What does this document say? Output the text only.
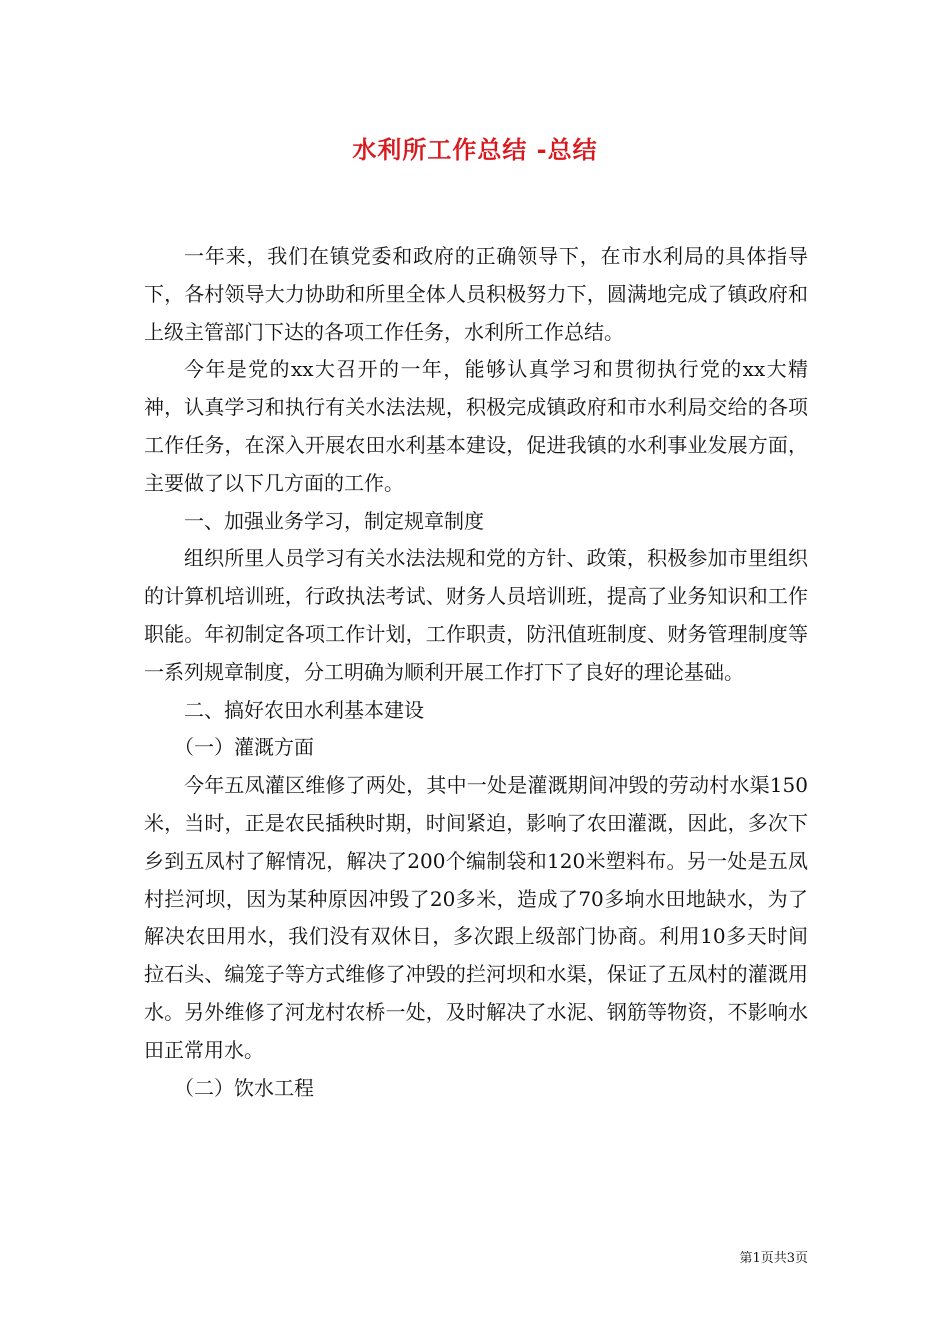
水利所工作总结 -总结

一年来，我们在镇党委和政府的正确领导下，在市水利局的具体指导下，各村领导大力协助和所里全体人员积极努力下，圆满地完成了镇政府和上级主管部门下达的各项工作任务，水利所工作总结。

今年是党的xx大召开的一年，能够认真学习和贯彻执行党的xx大精神，认真学习和执行有关水法法规，积极完成镇政府和市水利局交给的各项工作任务，在深入开展农田水利基本建设，促进我镇的水利事业发展方面，主要做了以下几方面的工作。

一、加强业务学习，制定规章制度

组织所里人员学习有关水法法规和党的方针、政策，积极参加市里组织的计算机培训班，行政执法考试、财务人员培训班，提高了业务知识和工作职能。年初制定各项工作计划，工作职责，防汛值班制度、财务管理制度等一系列规章制度，分工明确为顺利开展工作打下了良好的理论基础。

二、搞好农田水利基本建设

（一）灌溉方面

今年五凤灌区维修了两处，其中一处是灌溉期间冲毁的劳动村水渠150米，当时，正是农民插秧时期，时间紧迫，影响了农田灌溉，因此，多次下乡到五凤村了解情况，解决了200个编制袋和120米塑料布。另一处是五凤村拦河坝，因为某种原因冲毁了20多米，造成了70多垧水田地缺水，为了解决农田用水，我们没有双休日，多次跟上级部门协商。利用10多天时间拉石头、编笼子等方式维修了冲毁的拦河坝和水渠，保证了五凤村的灌溉用水。另外维修了河龙村农桥一处，及时解决了水泥、钢筋等物资，不影响水田正常用水。

（二）饮水工程

第1页共3页
